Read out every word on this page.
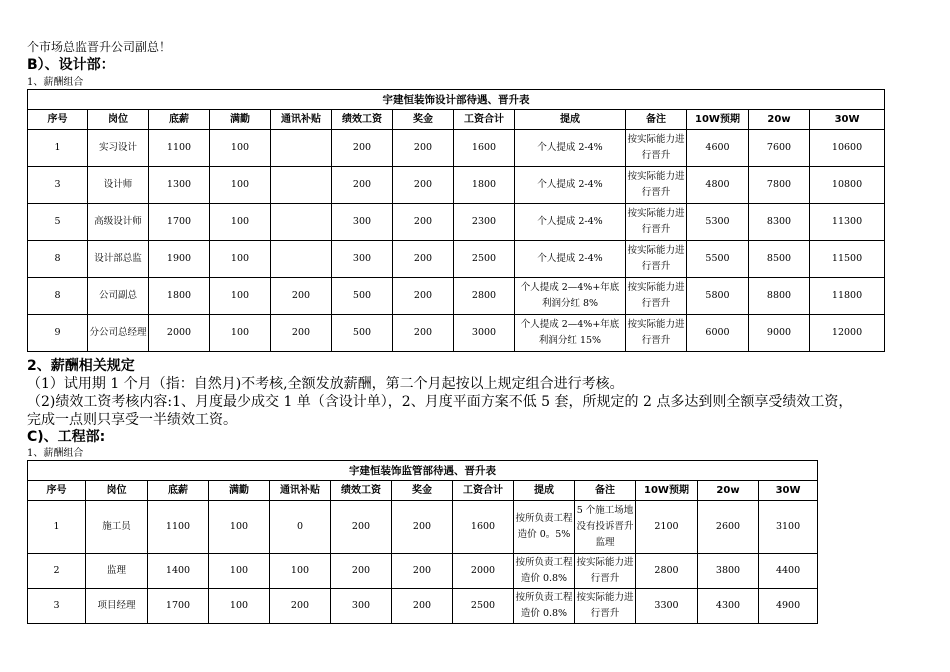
个市场总监晋升公司副总！
B）、设计部：
1、薪酬组合
宇建恒装饰设计部待遇、晋升表												
序号	岗位	底薪	满勤	通讯补贴	绩效工资	奖金	工资合计	提成	备注	10W预期	20w	30W
1	实习设计	1100	100		200	200	1600	个人提成 2-4%	按实际能力进行晋升	4600	7600	10600
3	设计师	1300	100		200	200	1800	个人提成 2-4%	按实际能力进行晋升	4800	7800	10800
5	高级设计师	1700	100		300	200	2300	个人提成 2-4%	按实际能力进行晋升	5300	8300	11300
8	设计部总监	1900	100		300	200	2500	个人提成 2-4%	按实际能力进行晋升	5500	8500	11500
8	公司副总	1800	100	200	500	200	2800	个人提成 2—4%+年底利润分红 8%	按实际能力进行晋升	5800	8800	11800
9	分公司总经理	2000	100	200	500	200	3000	个人提成 2—4%+年底利润分红 15%	按实际能力进行晋升	6000	9000	12000
2、薪酬相关规定
（1）试用期 1 个月（指：自然月)不考核,全额发放薪酬，第二个月起按以上规定组合进行考核。
（2)绩效工资考核内容:1、月度最少成交 1 单（含设计单），2、月度平面方案不低 5 套，所规定的 2 点多达到则全额享受绩效工资，
完成一点则只享受一半绩效工资。
C)、工程部:
1、薪酬组合
宇建恒装饰监管部待遇、晋升表												
序号	岗位	底薪	满勤	通讯补贴	绩效工资	奖金	工资合计	提成	备注	10W预期	20w	30W
1	施工员	1100	100	0	200	200	1600	按所负责工程造价 0。5%	5 个施工场地没有投诉晋升监理	2100	2600	3100
2	监理	1400	100	100	200	200	2000	按所负责工程造价 0.8%	按实际能力进行晋升	2800	3800	4400
3	项目经理	1700	100	200	300	200	2500	按所负责工程造价 0.8%	按实际能力进行晋升	3300	4300	4900
